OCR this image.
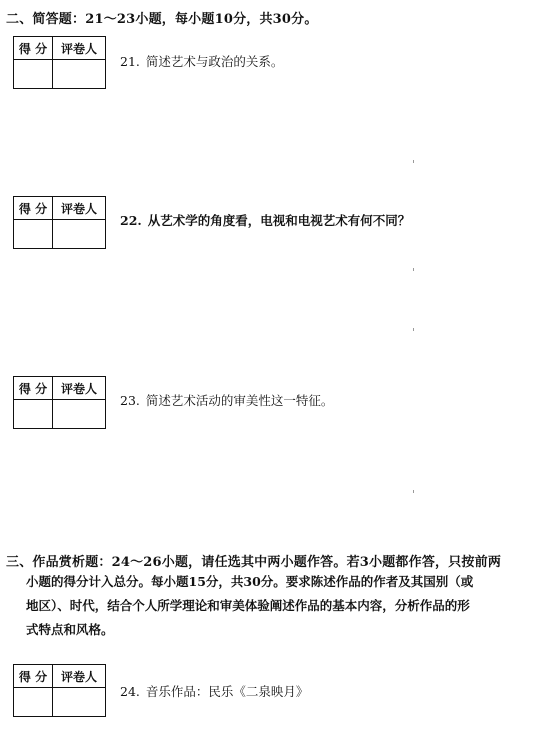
二、简答题：21～23小题，每小题10分，共30分。
得 分	评卷人

21. 简述艺术与政治的关系。
得 分	评卷人

22. 从艺术学的角度看，电视和电视艺术有何不同？
得 分	评卷人

23. 简述艺术活动的审美性这一特征。
三、作品赏析题：24～26小题，请任选其中两小题作答。若3小题都作答，只按前两

小题的得分计入总分。每小题15分，共30分。要求陈述作品的作者及其国别（或

地区）、时代，结合个人所学理论和审美体验阐述作品的基本内容，分析作品的形

式特点和风格。

得 分	评卷人

24. 音乐作品：民乐《二泉映月》
